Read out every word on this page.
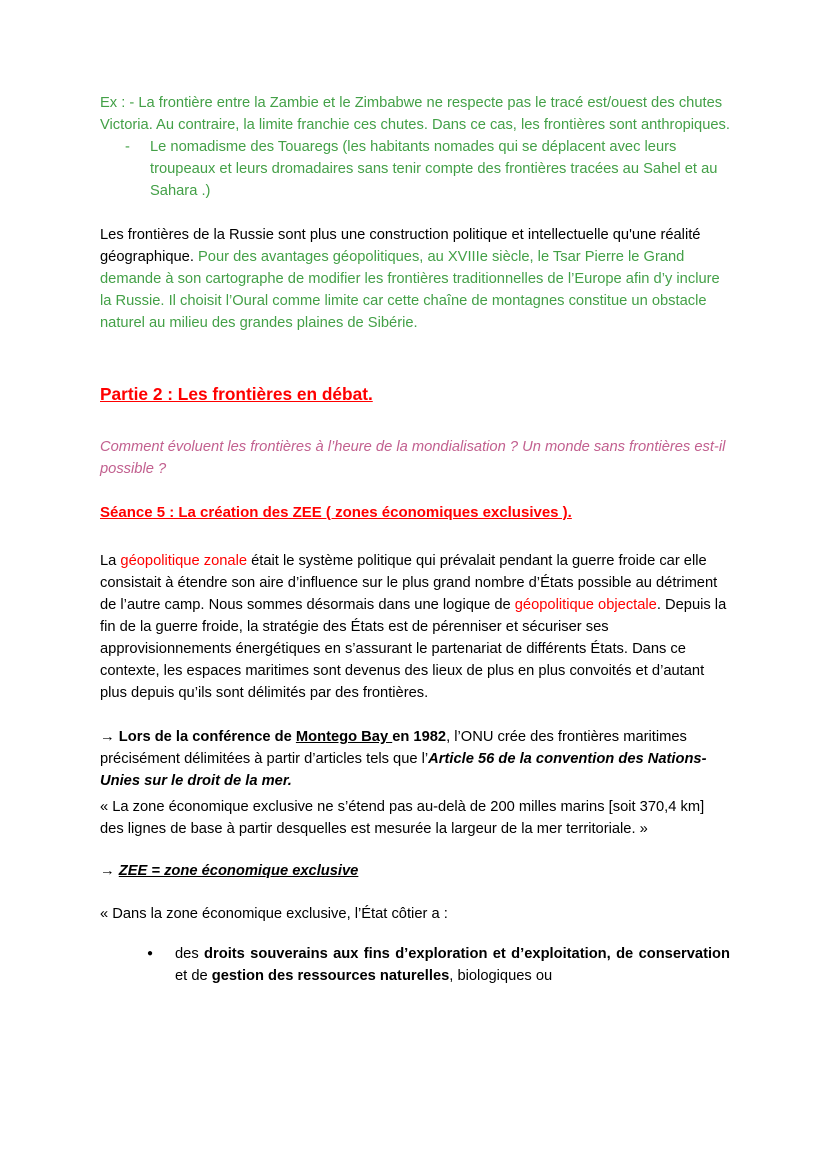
Ex : - La frontière entre la Zambie et le Zimbabwe ne respecte pas le tracé est/ouest des chutes Victoria. Au contraire, la limite franchie ces chutes. Dans ce cas, les frontières sont anthropiques.

-	Le nomadisme des Touaregs (les habitants nomades qui se déplacent avec leurs troupeaux et leurs dromadaires sans tenir compte des frontières tracées au Sahel et au Sahara .)

Les frontières de la Russie sont plus une construction politique et intellectuelle qu'une réalité géographique. Pour des avantages géopolitiques, au XVIIIe siècle, le Tsar Pierre le Grand demande à son cartographe de modifier les frontières traditionnelles de l’Europe afin d’y inclure la Russie. Il choisit l’Oural comme limite car cette chaîne de montagnes constitue un obstacle naturel au milieu des grandes plaines de Sibérie.

Partie 2 : Les frontières en débat.

Comment évoluent les frontières à l’heure de la mondialisation ? Un monde sans frontières est-il possible ?

Séance 5 : La création des ZEE ( zones économiques exclusives ).

La géopolitique zonale était le système politique qui prévalait pendant la guerre froide car elle consistait à étendre son aire d’influence sur le plus grand nombre d’États possible au détriment de l’autre camp. Nous sommes désormais dans une logique de géopolitique objectale. Depuis la fin de la guerre froide, la stratégie des États est de pérenniser et sécuriser ses approvisionnements énergétiques en s’assurant le partenariat de différents États. Dans ce contexte, les espaces maritimes sont devenus des lieux de plus en plus convoités et d’autant plus depuis qu’ils sont délimités par des frontières.

→ Lors de la conférence de Montego Bay en 1982, l’ONU crée des frontières maritimes précisément délimitées à partir d’articles tels que l’Article 56 de la convention des Nations-Unies sur le droit de la mer.

« La zone économique exclusive ne s’étend pas au-delà de 200 milles marins [soit 370,4 km] des lignes de base à partir desquelles est mesurée la largeur de la mer territoriale. »

→ ZEE = zone économique exclusive

« Dans la zone économique exclusive, l’État côtier a :

●	des droits souverains aux fins d’exploration et d’exploitation, de conservation et de gestion des ressources naturelles, biologiques ou
